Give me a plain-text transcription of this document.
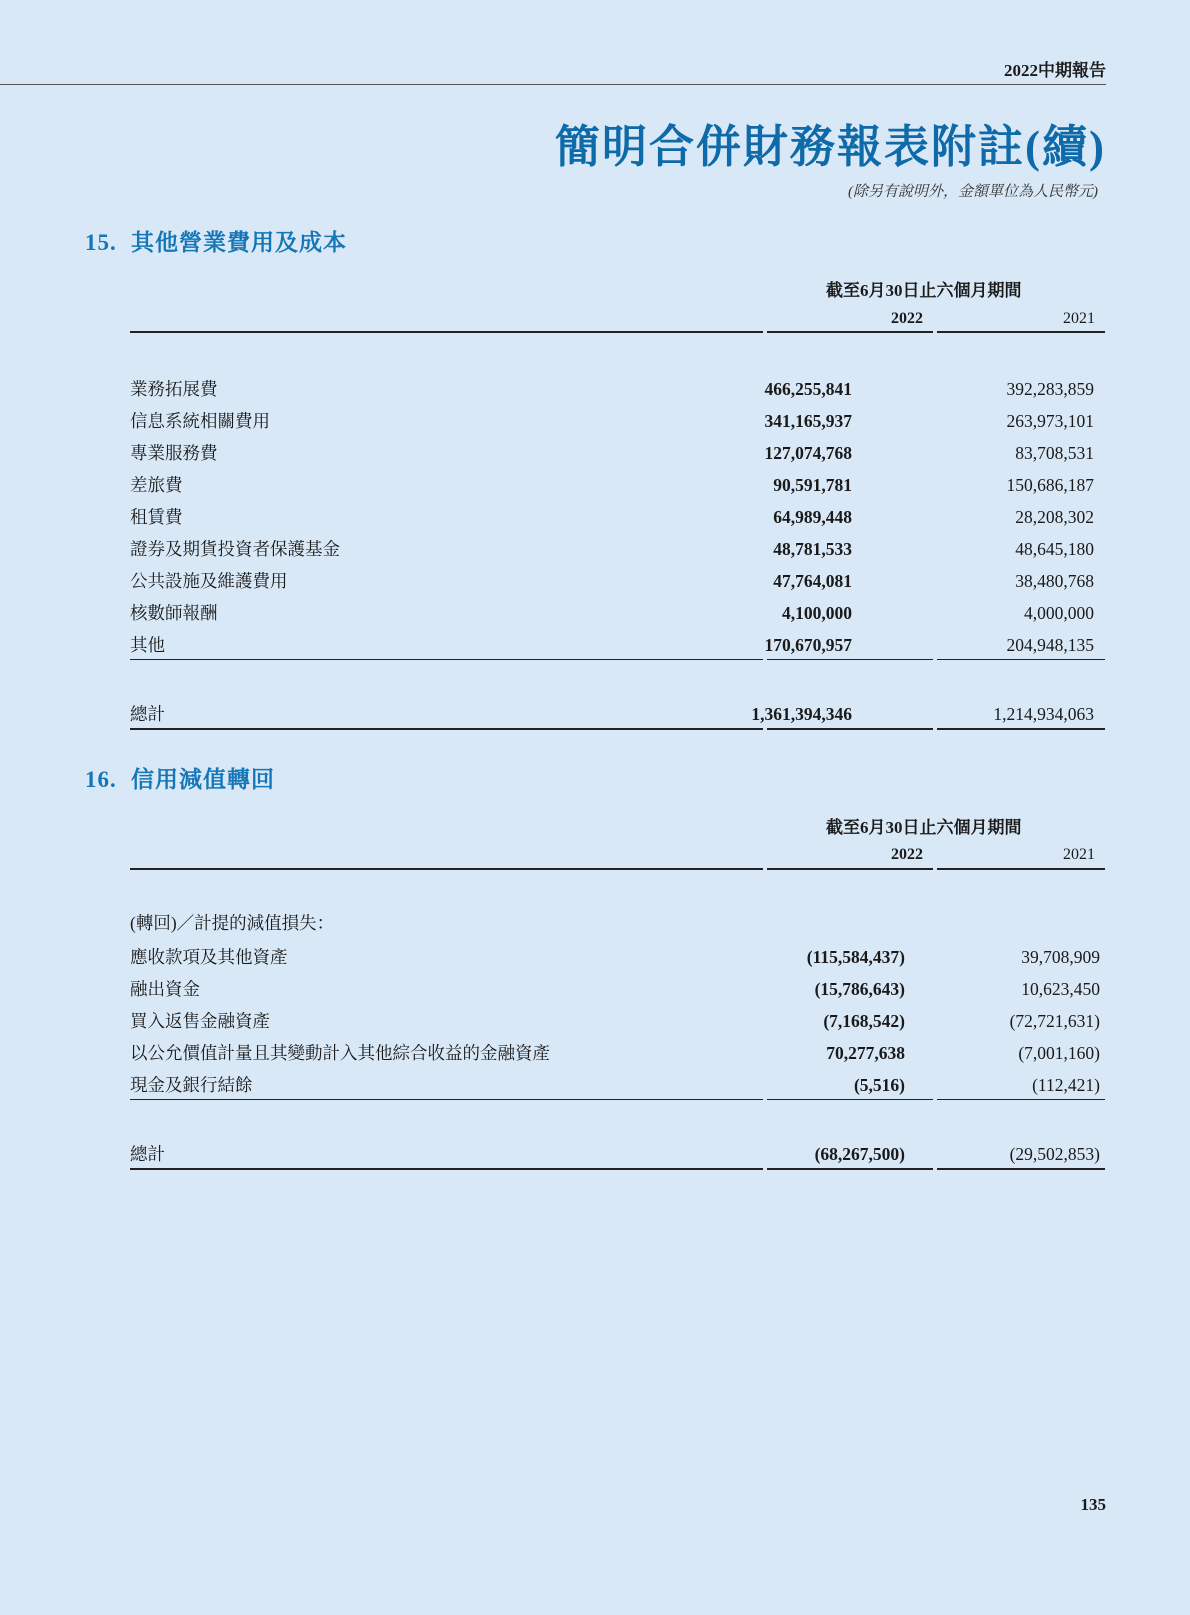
2022中期報告
簡明合併財務報表附註(續)
(除另有說明外，金額單位為人民幣元)
15. 其他營業費用及成本
截至6月30日止六個月期間
2022	2021
業務拓展費	466,255,841	392,283,859
信息系統相關費用	341,165,937	263,973,101
專業服務費	127,074,768	83,708,531
差旅費	90,591,781	150,686,187
租賃費	64,989,448	28,208,302
證券及期貨投資者保護基金	48,781,533	48,645,180
公共設施及維護費用	47,764,081	38,480,768
核數師報酬	4,100,000	4,000,000
其他	170,670,957	204,948,135
總計	1,361,394,346	1,214,934,063
16. 信用減值轉回
截至6月30日止六個月期間
2022	2021
(轉回)／計提的減值損失：
應收款項及其他資產	(115,584,437)	39,708,909
融出資金	(15,786,643)	10,623,450
買入返售金融資產	(7,168,542)	(72,721,631)
以公允價值計量且其變動計入其他綜合收益的金融資產	70,277,638	(7,001,160)
現金及銀行結餘	(5,516)	(112,421)
總計	(68,267,500)	(29,502,853)
135
